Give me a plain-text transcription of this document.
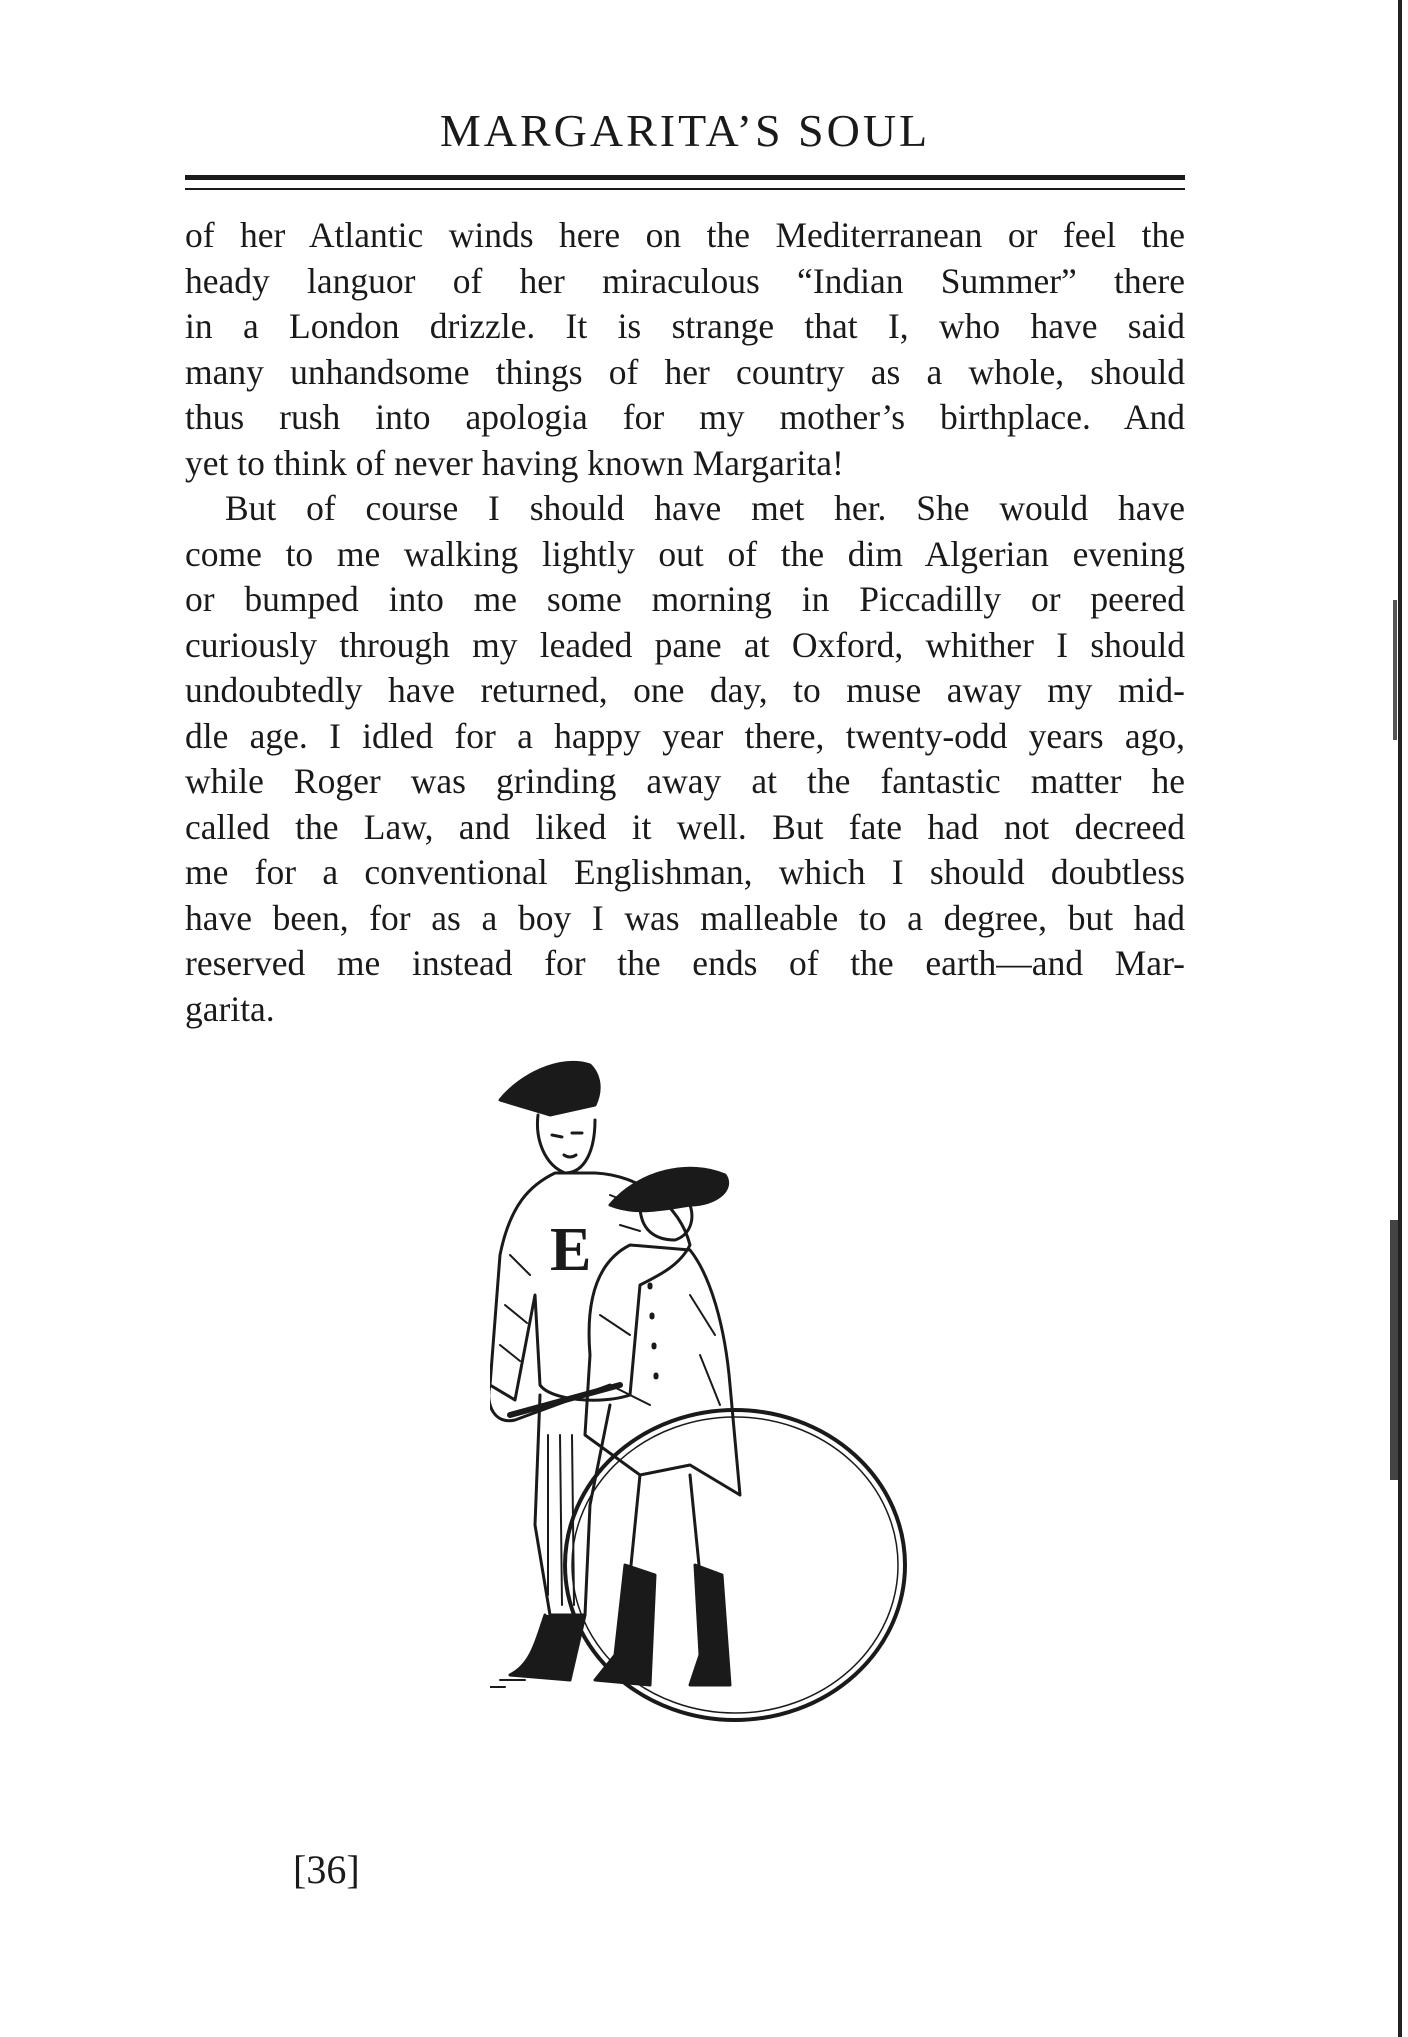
MARGARITA’S SOUL
of her Atlantic winds here on the Mediterranean or feel the
heady languor of her miraculous “Indian Summer” there
in a London drizzle. It is strange that I, who have said
many unhandsome things of her country as a whole, should
thus rush into apologia for my mother’s birthplace. And
yet to think of never having known Margarita!
But of course I should have met her. She would have
come to me walking lightly out of the dim Algerian evening
or bumped into me some morning in Piccadilly or peered
curiously through my leaded pane at Oxford, whither I should
undoubtedly have returned, one day, to muse away my mid-
dle age. I idled for a happy year there, twenty-odd years ago,
while Roger was grinding away at the fantastic matter he
called the Law, and liked it well. But fate had not decreed
me for a conventional Englishman, which I should doubtless
have been, for as a boy I was malleable to a degree, but had
reserved me instead for the ends of the earth—and Mar-
garita.
E
[36]
